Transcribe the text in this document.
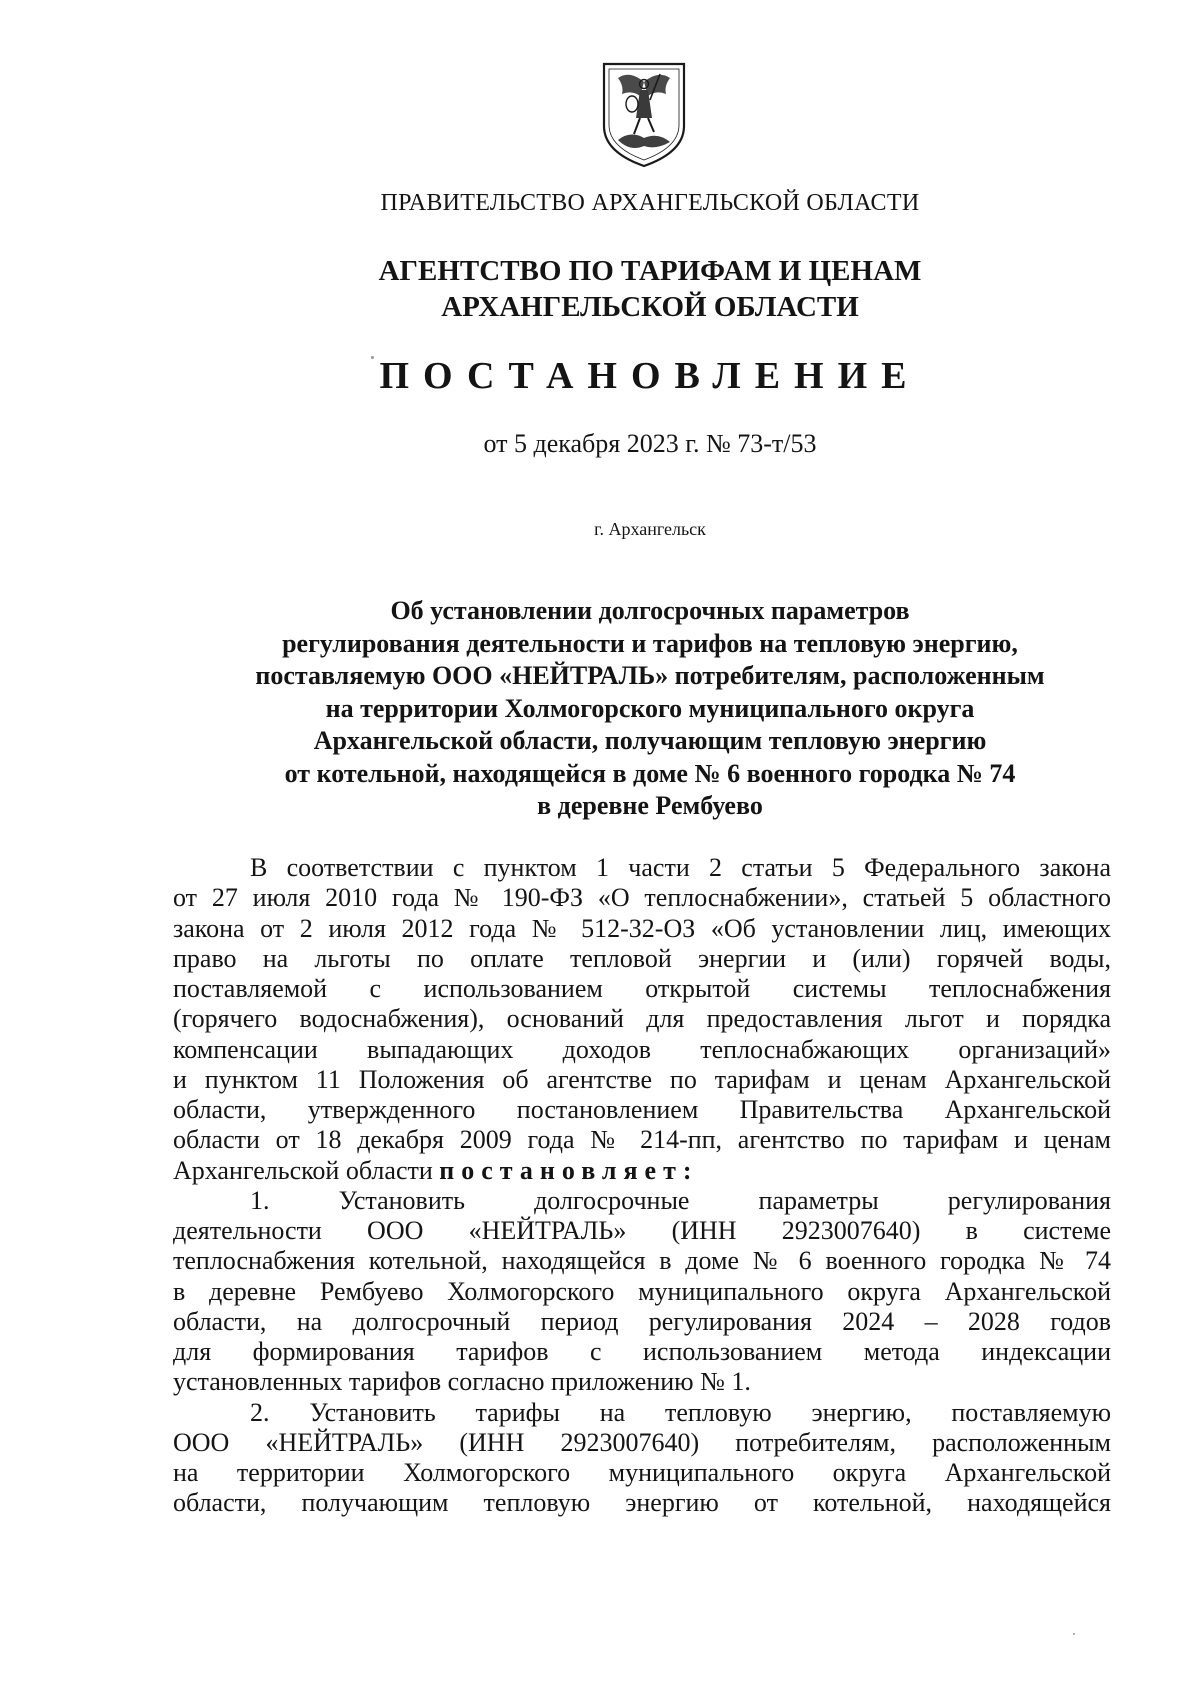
ПРАВИТЕЛЬСТВО АРХАНГЕЛЬСКОЙ ОБЛАСТИ
АГЕНТСТВО ПО ТАРИФАМ И ЦЕНАМ
АРХАНГЕЛЬСКОЙ ОБЛАСТИ
ПОСТАНОВЛЕНИЕ
от 5 декабря 2023 г. № 73-т/53
г. Архангельск
Об установлении долгосрочных параметров
регулирования деятельности и тарифов на тепловую энергию,
поставляемую ООО «НЕЙТРАЛЬ» потребителям, расположенным
на территории Холмогорского муниципального округа
Архангельской области, получающим тепловую энергию
от котельной, находящейся в доме № 6 военного городка № 74
в деревне Рембуево
В соответствии с пунктом 1 части 2 статьи 5 Федерального закона
от 27 июля 2010 года № 190-ФЗ «О теплоснабжении», статьей 5 областного
закона от 2 июля 2012 года № 512-32-ОЗ «Об установлении лиц, имеющих
право на льготы по оплате тепловой энергии и (или) горячей воды,
поставляемой с использованием открытой системы теплоснабжения
(горячего водоснабжения), оснований для предоставления льгот и порядка
компенсации выпадающих доходов теплоснабжающих организаций»
и пунктом 11 Положения об агентстве по тарифам и ценам Архангельской
области, утвержденного постановлением Правительства Архангельской
области от 18 декабря 2009 года № 214-пп, агентство по тарифам и ценам
Архангельской области постановляет:
1. Установить долгосрочные параметры регулирования
деятельности ООО «НЕЙТРАЛЬ» (ИНН 2923007640) в системе
теплоснабжения котельной, находящейся в доме № 6 военного городка № 74
в деревне Рембуево Холмогорского муниципального округа Архангельской
области, на долгосрочный период регулирования 2024 – 2028 годов
для формирования тарифов с использованием метода индексации
установленных тарифов согласно приложению № 1.
2. Установить тарифы на тепловую энергию, поставляемую
ООО «НЕЙТРАЛЬ» (ИНН 2923007640) потребителям, расположенным
на территории Холмогорского муниципального округа Архангельской
области, получающим тепловую энергию от котельной, находящейся
